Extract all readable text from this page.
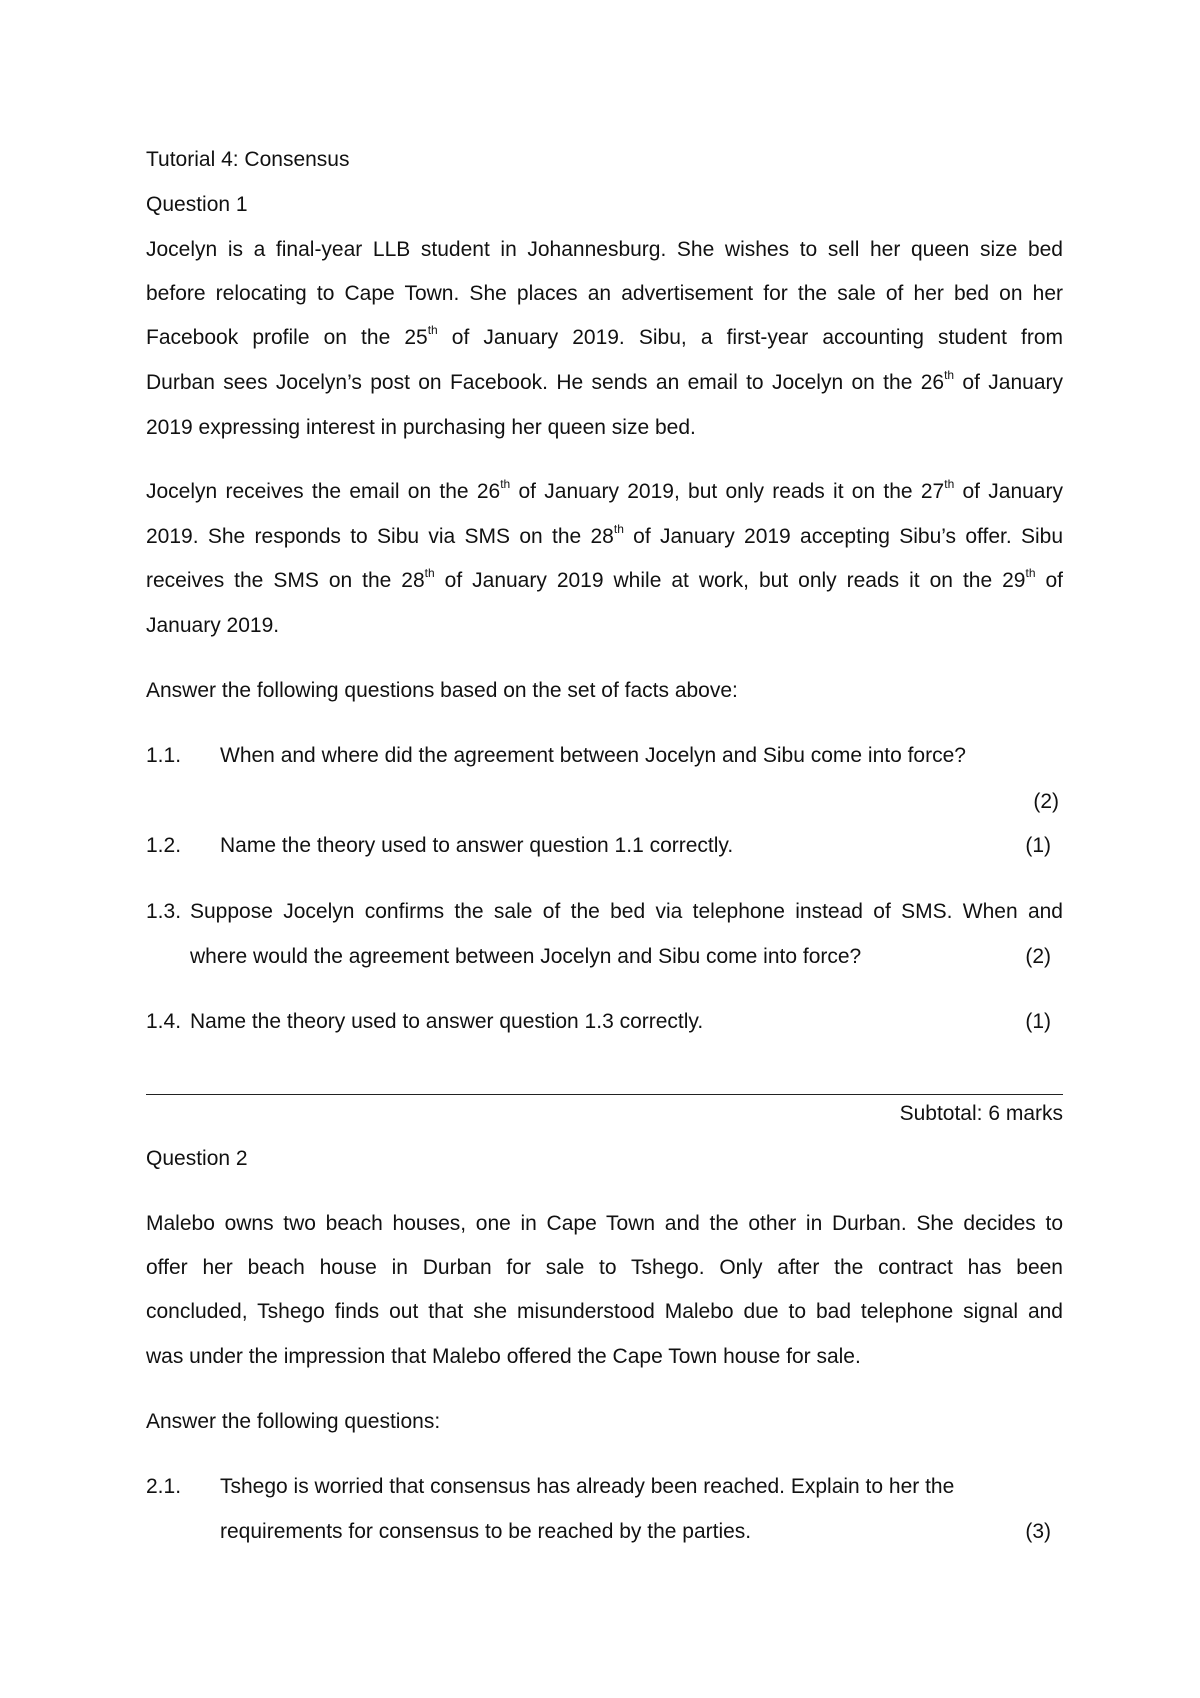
Tutorial 4: Consensus
Question 1
Jocelyn is a final-year LLB student in Johannesburg. She wishes to sell her queen size bed
before relocating to Cape Town. She places an advertisement for the sale of her bed on her
Facebook profile on the 25th of January 2019. Sibu, a first-year accounting student from
Durban sees Jocelyn’s post on Facebook. He sends an email to Jocelyn on the 26th of January
2019 expressing interest in purchasing her queen size bed.
Jocelyn receives the email on the 26th of January 2019, but only reads it on the 27th of January
2019. She responds to Sibu via SMS on the 28th of January 2019 accepting Sibu’s offer. Sibu
receives the SMS on the 28th of January 2019 while at work, but only reads it on the 29th of
January 2019.
Answer the following questions based on the set of facts above:
1.1. When and where did the agreement between Jocelyn and Sibu come into force?
(2)
1.2. Name the theory used to answer question 1.1 correctly.	(1)
1.3. Suppose Jocelyn confirms the sale of the bed via telephone instead of SMS. When and
where would the agreement between Jocelyn and Sibu come into force?	(2)
1.4. Name the theory used to answer question 1.3 correctly.	(1)
Subtotal: 6 marks
Question 2
Malebo owns two beach houses, one in Cape Town and the other in Durban. She decides to
offer her beach house in Durban for sale to Tshego. Only after the contract has been
concluded, Tshego finds out that she misunderstood Malebo due to bad telephone signal and
was under the impression that Malebo offered the Cape Town house for sale.
Answer the following questions:
2.1. Tshego is worried that consensus has already been reached. Explain to her the
requirements for consensus to be reached by the parties.	(3)
